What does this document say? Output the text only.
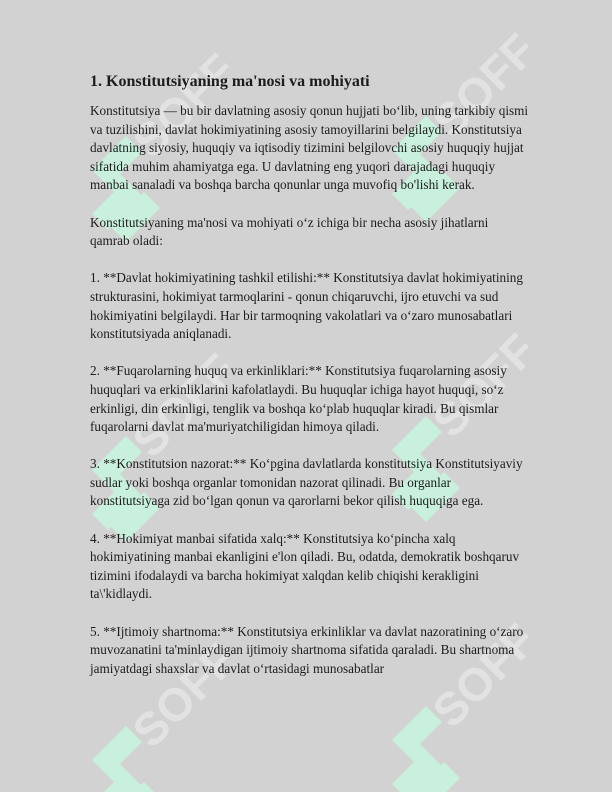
1. Konstitutsiyaning ma'nosi va mohiyati

Konstitutsiya — bu bir davlatning asosiy qonun hujjati bo‘lib, uning tarkibiy qismi va tuzilishini, davlat hokimiyatining asosiy tamoyillarini belgilaydi. Konstitutsiya davlatning siyosiy, huquqiy va iqtisodiy tizimini belgilovchi asosiy huquqiy hujjat sifatida muhim ahamiyatga ega. U davlatning eng yuqori darajadagi huquqiy manbai sanaladi va boshqa barcha qonunlar unga muvofiq bo'lishi kerak.

Konstitutsiyaning ma'nosi va mohiyati o‘z ichiga bir necha asosiy jihatlarni qamrab oladi:

1. **Davlat hokimiyatining tashkil etilishi:** Konstitutsiya davlat hokimiyatining strukturasini, hokimiyat tarmoqlarini - qonun chiqaruvchi, ijro etuvchi va sud hokimiyatini belgilaydi. Har bir tarmoqning vakolatlari va o‘zaro munosabatlari konstitutsiyada aniqlanadi.

2. **Fuqarolarning huquq va erkinliklari:** Konstitutsiya fuqarolarning asosiy huquqlari va erkinliklarini kafolatlaydi. Bu huquqlar ichiga hayot huquqi, so‘z erkinligi, din erkinligi, tenglik va boshqa ko‘plab huquqlar kiradi. Bu qismlar fuqarolarni davlat ma'muriyatchiligidan himoya qiladi.

3. **Konstitutsion nazorat:** Ko‘pgina davlatlarda konstitutsiya Konstitutsiyaviy sudlar yoki boshqa organlar tomonidan nazorat qilinadi. Bu organlar konstitutsiyaga zid bo‘lgan qonun va qarorlarni bekor qilish huquqiga ega.

4. **Hokimiyat manbai sifatida xalq:** Konstitutsiya ko‘pincha xalq hokimiyatining manbai ekanligini e'lon qiladi. Bu, odatda, demokratik boshqaruv tizimini ifodalaydi va barcha hokimiyat xalqdan kelib chiqishi kerakligini ta\'kidlaydi.

5. **Ijtimoiy shartnoma:** Konstitutsiya erkinliklar va davlat nazoratining o‘zaro muvozanatini ta'minlaydigan ijtimoiy shartnoma sifatida qaraladi. Bu shartnoma jamiyatdagi shaxslar va davlat o‘rtasidagi munosabatlar
